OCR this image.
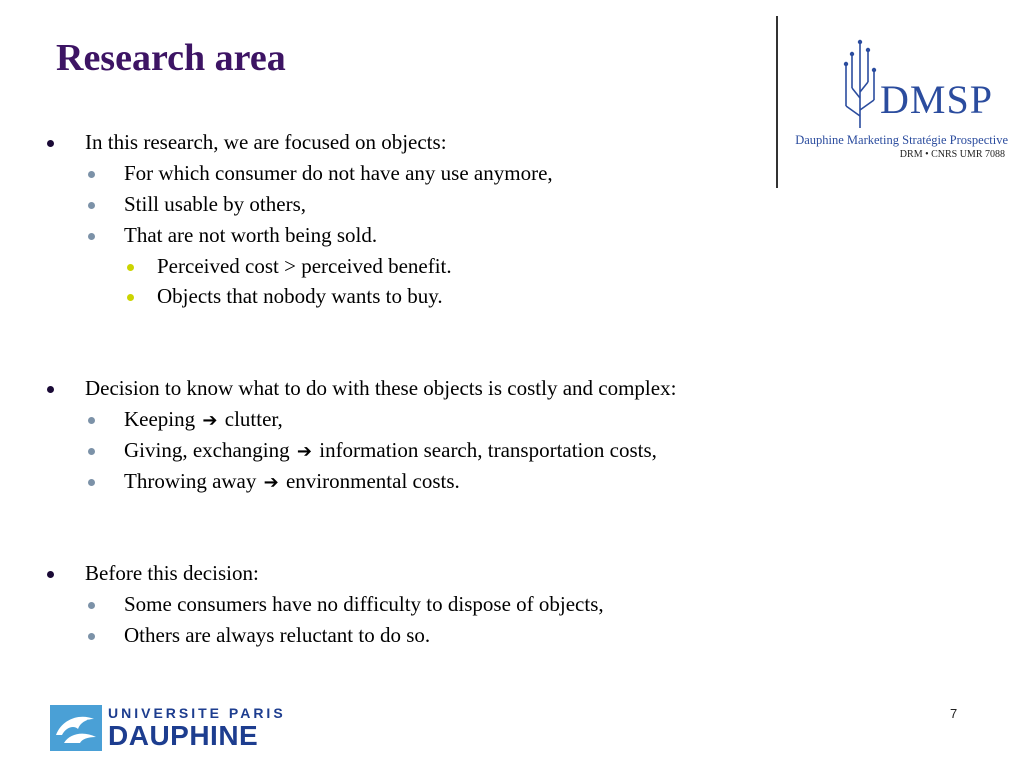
Research area
DMSP
Dauphine Marketing Stratégie Prospective
DRM • CNRS UMR 7088
In this research, we are focused on objects:
For which consumer do not have any use anymore,
Still usable by others,
That are not worth being sold.
Perceived cost > perceived benefit.
Objects that nobody wants to buy.
Decision to know what to do with these objects is costly and complex:
Keeping ➔ clutter,
Giving, exchanging ➔ information search, transportation costs,
Throwing away ➔ environmental costs.
Before this decision:
Some consumers have no difficulty to dispose of objects,
Others are always reluctant to do so.
UNIVERSITE PARIS
DAUPHINE
7
